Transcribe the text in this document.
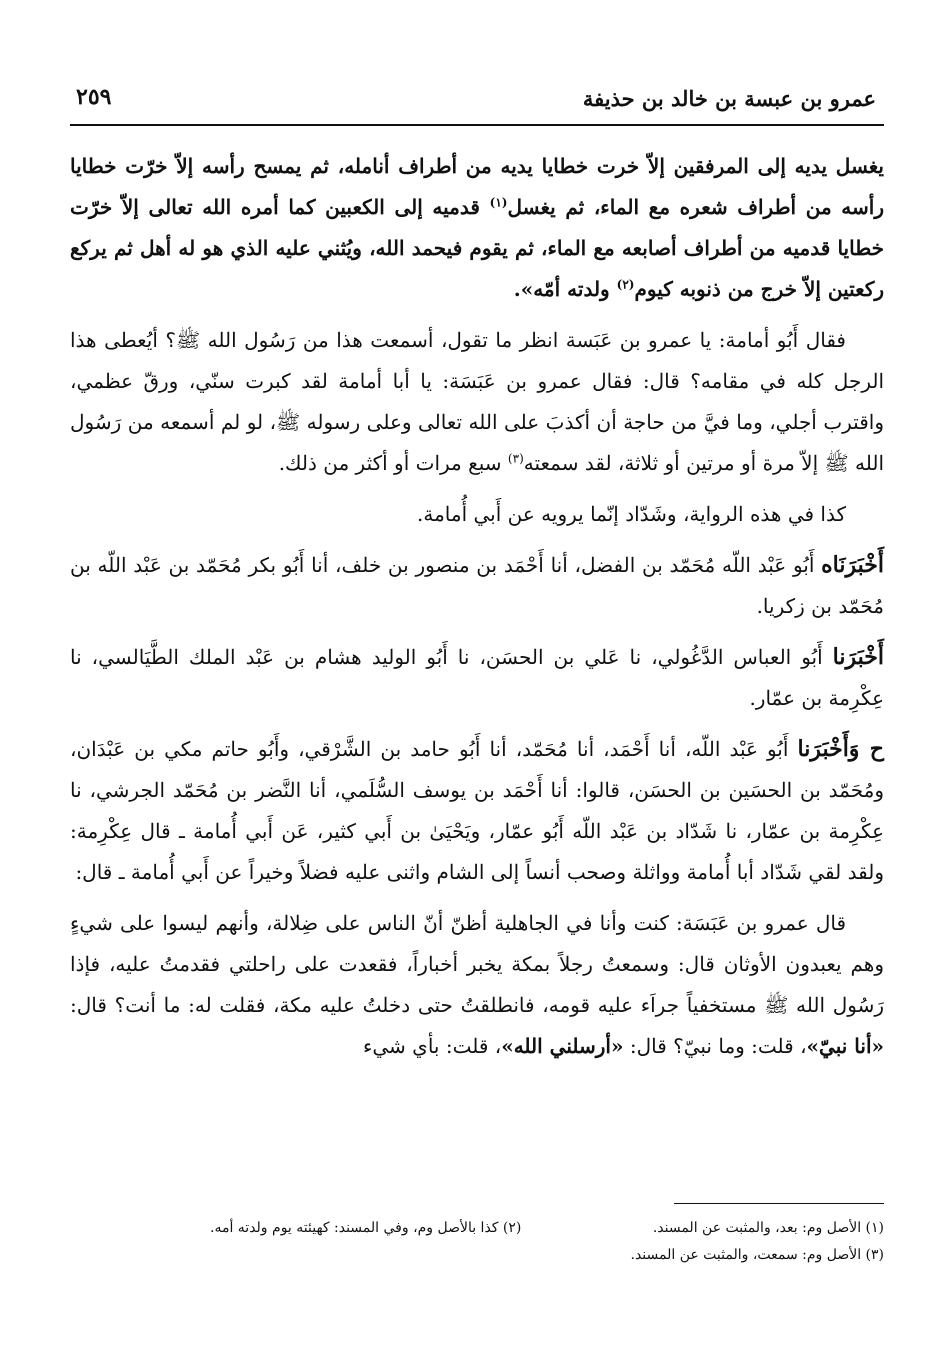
عمرو بن عبسة بن خالد بن حذيفة
٢٥٩

يغسل يديه إلى المرفقين إلاّ خرت خطايا يديه من أطراف أنامله، ثم يمسح رأسه إلاّ خرّت خطايا رأسه من أطراف شعره مع الماء، ثم يغسل$^{(١)}$ قدميه إلى الكعبين كما أمره الله تعالى إلاّ خرّت خطايا قدميه من أطراف أصابعه مع الماء، ثم يقوم فيحمد الله، ويُثني عليه الذي هو له أهل ثم يركع ركعتين إلاّ خرج من ذنوبه كيوم$^{(٢)}$ ولدته أمّه».

فقال أَبُو أمامة: يا عمرو بن عَبَسة انظر ما تقول، أسمعت هذا من رَسُول الله ﷺ؟ أيُعطى هذا الرجل كله في مقامه؟ قال: فقال عمرو بن عَبَسَة: يا أبا أمامة لقد كبرت سنّي، ورقّ عظمي، واقترب أجلي، وما فيَّ من حاجة أن أكذبَ على الله تعالى وعلى رسوله ﷺ، لو لم أسمعه من رَسُول الله ﷺ إلاّ مرة أو مرتين أو ثلاثة، لقد سمعته$^{(٣)}$ سبع مرات أو أكثر من ذلك.

كذا في هذه الرواية، وشَدّاد إنّما يرويه عن أَبي أُمامة.

أَخْبَرَنَاه أَبُو عَبْد اللّه مُحَمّد بن الفضل، أنا أَحْمَد بن منصور بن خلف، أنا أَبُو بكر مُحَمّد بن عَبْد اللّه بن مُحَمّد بن زكريا.

أَخْبَرَنا أَبُو العباس الدَّغُولي، نا عَلي بن الحسَن، نا أَبُو الوليد هشام بن عَبْد الملك الطَّيَالسي، نا عِكْرِمة بن عمّار.

ح وَأَخْبَرَنا أَبُو عَبْد اللّه، أنا أَحْمَد، أنا مُحَمّد، أنا أَبُو حامد بن الشَّرْقي، وأَبُو حاتم مكي بن عَبْدَان، ومُحَمّد بن الحسَين بن الحسَن، قالوا: أنا أَحْمَد بن يوسف السُّلَمي، أنا النَّضر بن مُحَمّد الجرشي، نا عِكْرِمة بن عمّار، نا شَدّاد بن عَبْد اللّه أَبُو عمّار، ويَحْيَىٰ بن أَبي كثير، عَن أَبي أُمامة ـ قال عِكْرِمة: ولقد لقي شَدّاد أبا أُمامة وواثلة وصحب أنساً إلى الشام واثنى عليه فضلاً وخيراً عن أَبي أُمامة ـ قال:

قال عمرو بن عَبَسَة: كنت وأنا في الجاهلية أظنّ أنّ الناس على ضِلالة، وأنهم ليسوا على شيءٍ وهم يعبدون الأوثان قال: وسمعتُ رجلاً بمكة يخبر أخباراً، فقعدت على راحلتي فقدمتُ عليه، فإذا رَسُول الله ﷺ مستخفياً جراَء عليه قومه، فانطلقتُ حتى دخلتُ عليه مكة، فقلت له: ما أنت؟ قال: «أنا نبيّ»، قلت: وما نبيّ؟ قال: «أرسلني الله»، قلت: بأي شيء

(١) الأصل وم: بعد، والمثبت عن المسند.
(٢) كذا بالأصل وم، وفي المسند: كهيئته يوم ولدته أمه.
(٣) الأصل وم: سمعت، والمثبت عن المسند.
